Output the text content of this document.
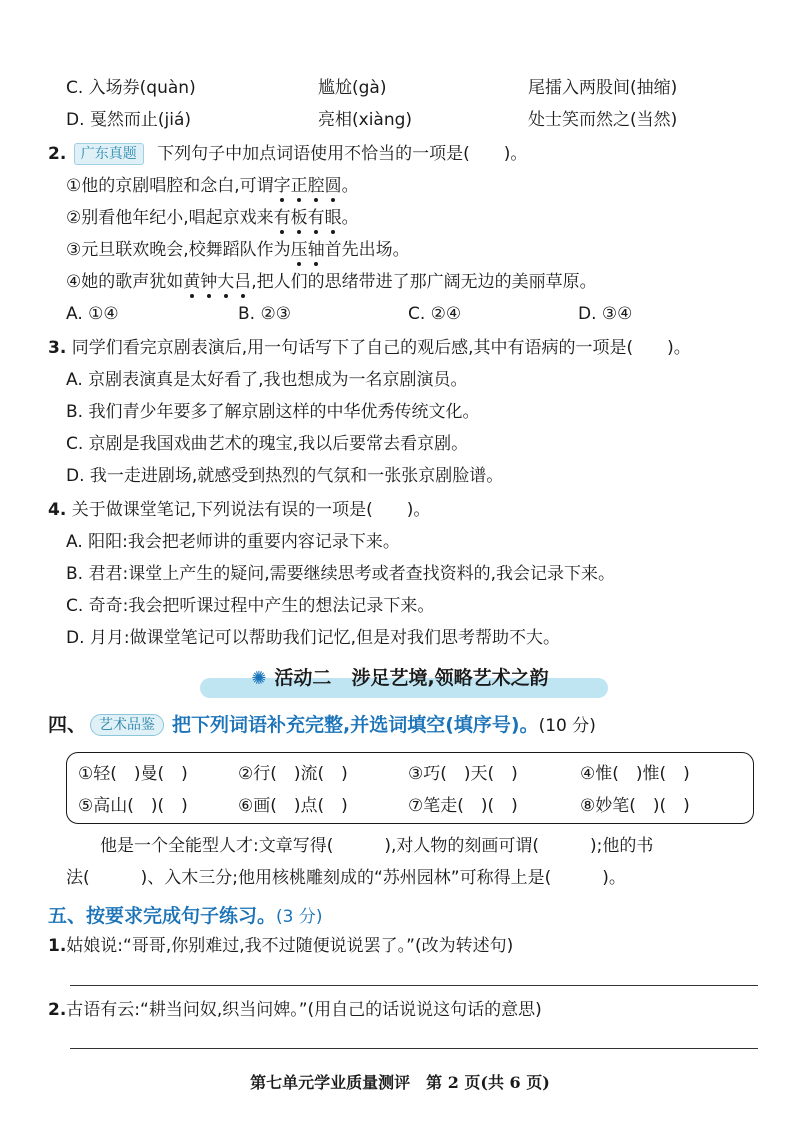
C. 入场券(quàn)	尴尬(gà)	尾擂入两股间(抽缩)
D. 戛然而止(jiá)	亮相(xiàng)	处士笑而然之(当然)
2. 广东真题 下列句子中加点词语使用不恰当的一项是(　　)。
①他的京剧唱腔和念白,可谓字正腔圆。
②别看他年纪小,唱起京戏来有板有眼。
③元旦联欢晚会,校舞蹈队作为压轴首先出场。
④她的歌声犹如黄钟大吕,把人们的思绪带进了那广阔无边的美丽草原。
A. ①④	B. ②③	C. ②④	D. ③④
3. 同学们看完京剧表演后,用一句话写下了自己的观后感,其中有语病的一项是(　　)。
A. 京剧表演真是太好看了,我也想成为一名京剧演员。
B. 我们青少年要多了解京剧这样的中华优秀传统文化。
C. 京剧是我国戏曲艺术的瑰宝,我以后要常去看京剧。
D. 我一走进剧场,就感受到热烈的气氛和一张张京剧脸谱。
4. 关于做课堂笔记,下列说法有误的一项是(　　)。
A. 阳阳:我会把老师讲的重要内容记录下来。
B. 君君:课堂上产生的疑问,需要继续思考或者查找资料的,我会记录下来。
C. 奇奇:我会把听课过程中产生的想法记录下来。
D. 月月:做课堂笔记可以帮助我们记忆,但是对我们思考帮助不大。
✺ 活动二 涉足艺境,领略艺术之韵
四、 艺术品鉴 把下列词语补充完整,并选词填空(填序号)。(10 分)
①轻(　)曼(　)	②行(　)流(　)	③巧(　)天(　)	④惟(　)惟(　)
⑤高山(　)(　)	⑥画(　)点(　)	⑦笔走(　)(　)	⑧妙笔(　)(　)
他是一个全能型人才:文章写得(　　　),对人物的刻画可谓(　　　);他的书
法(　　　)、入木三分;他用核桃雕刻成的“苏州园林”可称得上是(　　　)。
五、按要求完成句子练习。(3 分)
1.姑娘说:“哥哥,你别难过,我不过随便说说罢了。”(改为转述句)
2.古语有云:“耕当问奴,织当问婢。”(用自己的话说说这句话的意思)
第七单元学业质量测评　第 2 页(共 6 页)
